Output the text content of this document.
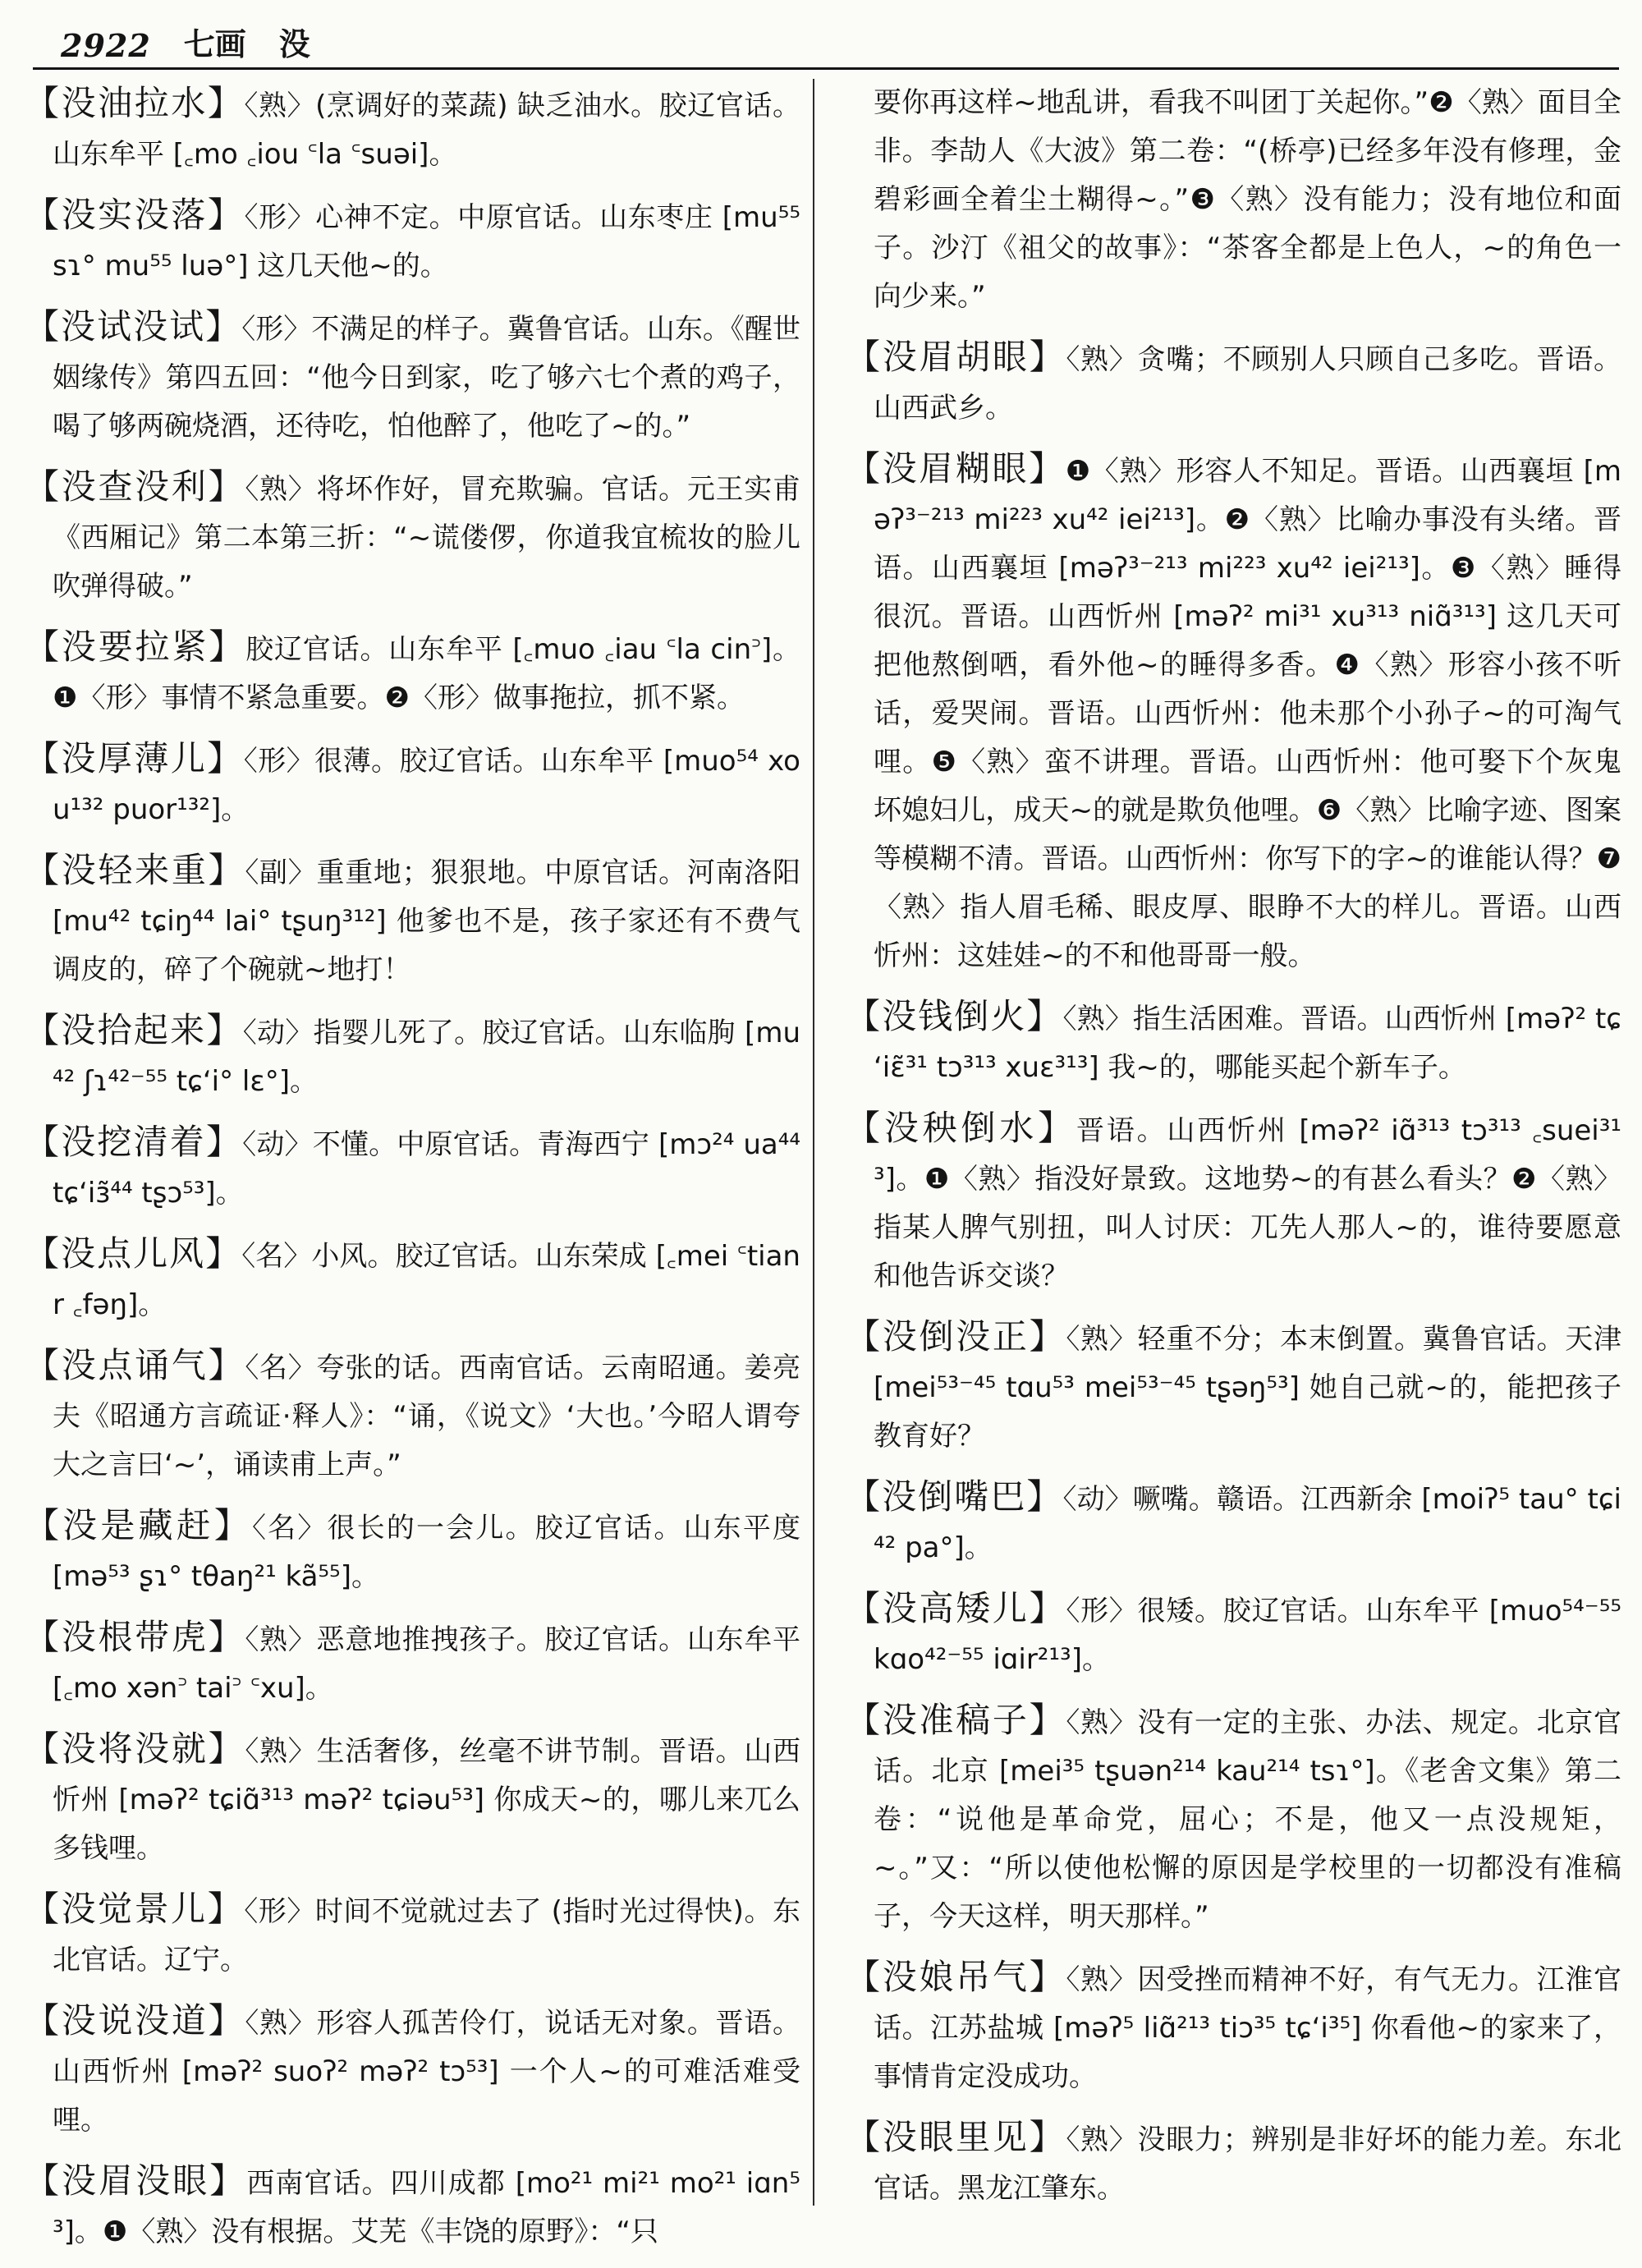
2922 七画 没

【没油拉水】〈熟〉(烹调好的菜蔬) 缺乏油水。胶辽官话。山东牟平 [꜀mo ꜀iou ꜂la ꜂suəi]。

【没实没落】〈形〉心神不定。中原官话。山东枣庄 [mu⁵⁵ sɿ° mu⁵⁵ luə°] 这几天他~的。

【没试没试】〈形〉不满足的样子。冀鲁官话。山东。《醒世姻缘传》第四五回：“他今日到家，吃了够六七个煮的鸡子，喝了够两碗烧酒，还待吃，怕他醉了，他吃了~的。”

【没查没利】〈熟〉将坏作好，冒充欺骗。官话。元王实甫《西厢记》第二本第三折：“~谎偻㑩，你道我宜梳妆的脸儿吹弹得破。”

【没要拉紧】胶辽官话。山东牟平 [꜀muo ꜀iau ꜂la cin꜄]。❶〈形〉事情不紧急重要。❷〈形〉做事拖拉，抓不紧。

【没厚薄儿】〈形〉很薄。胶辽官话。山东牟平 [muo⁵⁴ xou¹³² puor¹³²]。

【没轻来重】〈副〉重重地；狠狠地。中原官话。河南洛阳 [mu⁴² tɕiŋ⁴⁴ lai° tʂuŋ³¹²] 他爹也不是，孩子家还有不费气调皮的，碎了个碗就~地打！

【没拾起来】〈动〉指婴儿死了。胶辽官话。山东临朐 [mu⁴² ʃɿ⁴²⁻⁵⁵ tɕʻi° lɛ°]。

【没挖清着】〈动〉不懂。中原官话。青海西宁 [mɔ²⁴ ua⁴⁴ tɕʻiɜ̃⁴⁴ tʂɔ⁵³]。

【没点儿风】〈名〉小风。胶辽官话。山东荣成 [꜀mei ꜂tianr ꜀fəŋ]。

【没点诵气】〈名〉夸张的话。西南官话。云南昭通。姜亮夫《昭通方言疏证·释人》：“诵，《说文》‘大也。’今昭人谓夸大之言曰‘~’，诵读甫上声。”

【没是藏赶】〈名〉很长的一会儿。胶辽官话。山东平度 [mə⁵³ ʂɿ° tθaŋ²¹ kã⁵⁵]。

【没根带虎】〈熟〉恶意地推拽孩子。胶辽官话。山东牟平 [꜀mo xən꜄ tai꜄ ꜂xu]。

【没将没就】〈熟〉生活奢侈，丝毫不讲节制。晋语。山西忻州 [məʔ² tɕiɑ̃³¹³ məʔ² tɕiəu⁵³] 你成天~的，哪儿来兀么多钱哩。

【没觉景儿】〈形〉时间不觉就过去了 (指时光过得快)。东北官话。辽宁。

【没说没道】〈熟〉形容人孤苦伶仃，说话无对象。晋语。山西忻州 [məʔ² suoʔ² məʔ² tɔ⁵³] 一个人~的可难活难受哩。

【没眉没眼】西南官话。四川成都 [mo²¹ mi²¹ mo²¹ iɑn⁵³]。❶〈熟〉没有根据。艾芜《丰饶的原野》：“只

要你再这样~地乱讲，看我不叫团丁关起你。”❷〈熟〉面目全非。李劼人《大波》第二卷：“(桥亭)已经多年没有修理，金碧彩画全着尘土糊得~。”❸〈熟〉没有能力；没有地位和面子。沙汀《祖父的故事》：“茶客全都是上色人，~的角色一向少来。”

【没眉胡眼】〈熟〉贪嘴；不顾别人只顾自己多吃。晋语。山西武乡。

【没眉糊眼】❶〈熟〉形容人不知足。晋语。山西襄垣 [məʔ³⁻²¹³ mi²²³ xu⁴² iei²¹³]。❷〈熟〉比喻办事没有头绪。晋语。山西襄垣 [məʔ³⁻²¹³ mi²²³ xu⁴² iei²¹³]。❸〈熟〉睡得很沉。晋语。山西忻州 [məʔ² mi³¹ xu³¹³ niɑ̃³¹³] 这几天可把他熬倒哂，看外他~的睡得多香。❹〈熟〉形容小孩不听话，爱哭闹。晋语。山西忻州：他未那个小孙子~的可淘气哩。❺〈熟〉蛮不讲理。晋语。山西忻州：他可娶下个灰鬼坏媳妇儿，成天~的就是欺负他哩。❻〈熟〉比喻字迹、图案等模糊不清。晋语。山西忻州：你写下的字~的谁能认得？❼〈熟〉指人眉毛稀、眼皮厚、眼睁不大的样儿。晋语。山西忻州：这娃娃~的不和他哥哥一般。

【没钱倒火】〈熟〉指生活困难。晋语。山西忻州 [məʔ² tɕʻiɛ̃³¹ tɔ³¹³ xuɛ³¹³] 我~的，哪能买起个新车子。

【没秧倒水】晋语。山西忻州 [məʔ² iɑ̃³¹³ tɔ³¹³ ꜀suei³¹³]。❶〈熟〉指没好景致。这地势~的有甚么看头？❷〈熟〉指某人脾气别扭，叫人讨厌：兀先人那人~的，谁待要愿意和他告诉交谈？

【没倒没正】〈熟〉轻重不分；本末倒置。冀鲁官话。天津 [mei⁵³⁻⁴⁵ tɑu⁵³ mei⁵³⁻⁴⁵ tʂəŋ⁵³] 她自己就~的，能把孩子教育好？

【没倒嘴巴】〈动〉噘嘴。赣语。江西新余 [moiʔ⁵ tau° tɕi⁴² pa°]。

【没高矮儿】〈形〉很矮。胶辽官话。山东牟平 [muo⁵⁴⁻⁵⁵ kɑo⁴²⁻⁵⁵ iɑir²¹³]。

【没准稿子】〈熟〉没有一定的主张、办法、规定。北京官话。北京 [mei³⁵ tʂuən²¹⁴ kau²¹⁴ tsɿ°]。《老舍文集》第二卷：“说他是革命党，屈心；不是，他又一点没规矩，~。”又：“所以使他松懈的原因是学校里的一切都没有准稿子，今天这样，明天那样。”

【没娘吊气】〈熟〉因受挫而精神不好，有气无力。江淮官话。江苏盐城 [məʔ⁵ liɑ̃²¹³ tiɔ³⁵ tɕʻi³⁵] 你看他~的家来了，事情肯定没成功。

【没眼里见】〈熟〉没眼力；辨别是非好坏的能力差。东北官话。黑龙江肇东。
